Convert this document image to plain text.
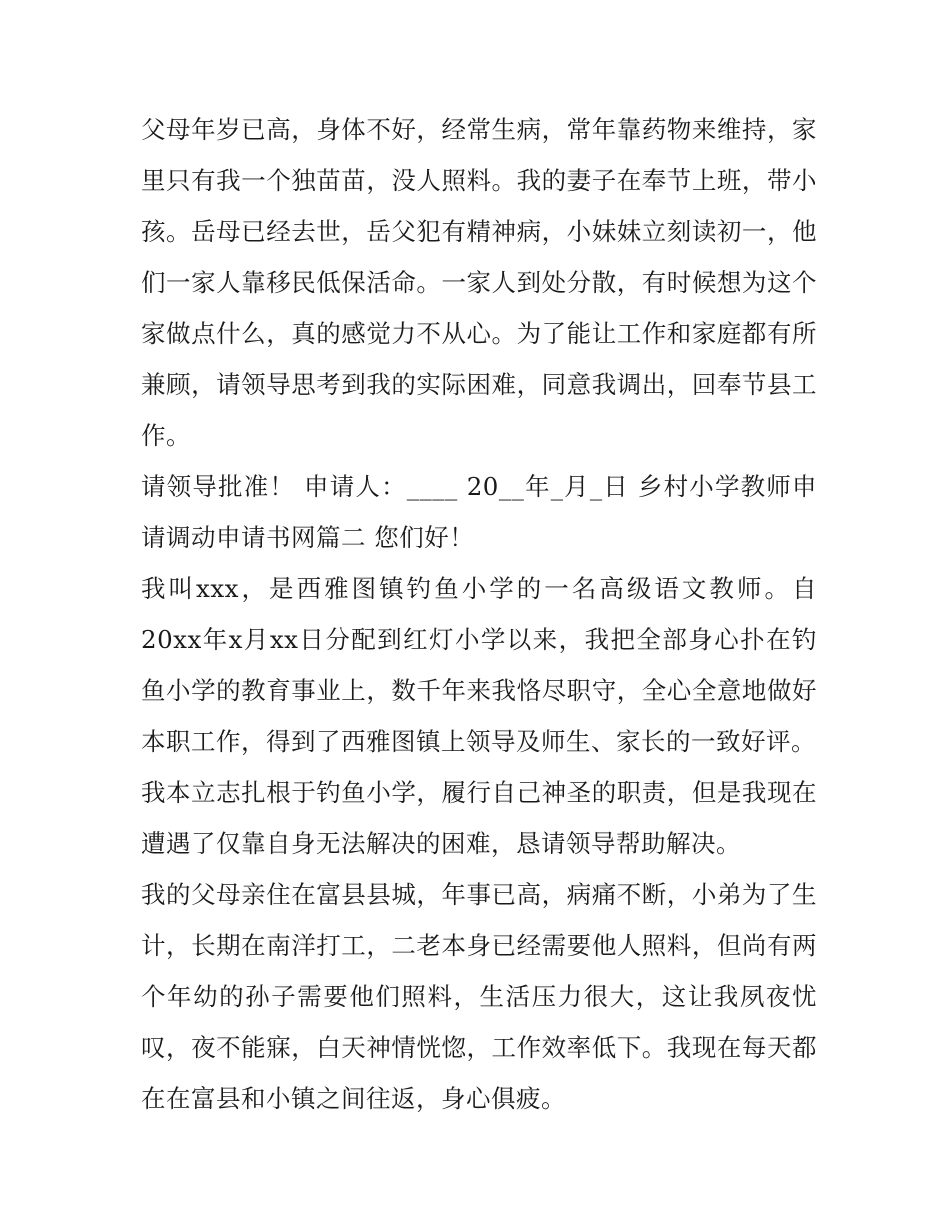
父母年岁已高，身体不好，经常生病，常年靠药物来维持，家里只有我一个独苗苗，没人照料。我的妻子在奉节上班，带小孩。岳母已经去世，岳父犯有精神病，小妹妹立刻读初一，他们一家人靠移民低保活命。一家人到处分散，有时候想为这个家做点什么，真的感觉力不从心。为了能让工作和家庭都有所兼顾，请领导思考到我的实际困难，同意我调出，回奉节县工作。

请领导批准！ 申请人：____ 20__年_月_日 乡村小学教师申请调动申请书网篇二 您们好！

我叫xxx，是西雅图镇钓鱼小学的一名高级语文教师。自20xx年x月xx日分配到红灯小学以来，我把全部身心扑在钓鱼小学的教育事业上，数千年来我恪尽职守，全心全意地做好本职工作，得到了西雅图镇上领导及师生、家长的一致好评。

我本立志扎根于钓鱼小学，履行自己神圣的职责，但是我现在遭遇了仅靠自身无法解决的困难，恳请领导帮助解决。

我的父母亲住在富县县城，年事已高，病痛不断，小弟为了生计，长期在南洋打工，二老本身已经需要他人照料，但尚有两个年幼的孙子需要他们照料，生活压力很大，这让我夙夜忧叹，夜不能寐，白天神情恍惚，工作效率低下。我现在每天都在在富县和小镇之间往返，身心俱疲。
